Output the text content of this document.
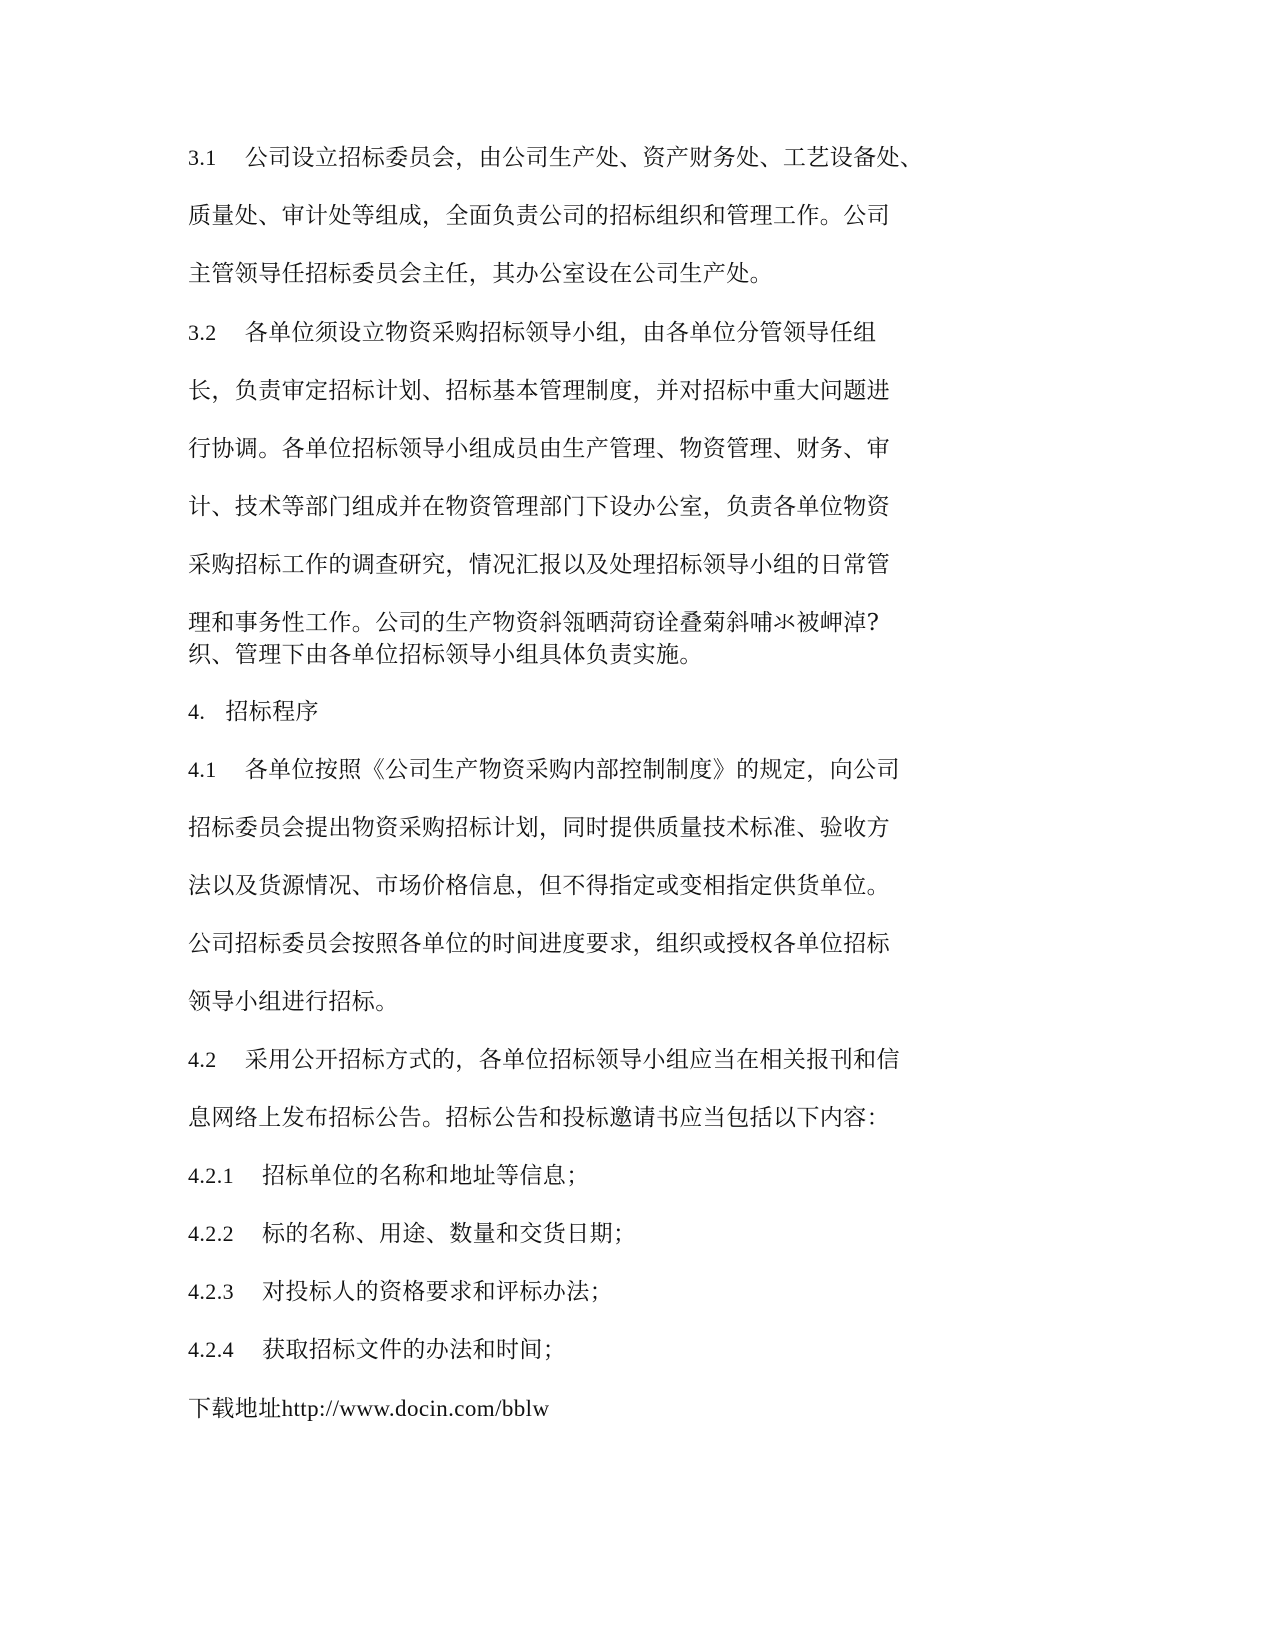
3.1 公司设立招标委员会，由公司生产处、资产财务处、工艺设备处、
质量处、审计处等组成，全面负责公司的招标组织和管理工作。公司
主管领导任招标委员会主任，其办公室设在公司生产处。
3.2 各单位须设立物资采购招标领导小组，由各单位分管领导任组
长，负责审定招标计划、招标基本管理制度，并对招标中重大问题进
行协调。各单位招标领导小组成员由生产管理、物资管理、财务、审
计、技术等部门组成并在物资管理部门下设办公室，负责各单位物资
采购招标工作的调查研究，情况汇报以及处理招标领导小组的日常管
理和事务性工作。公司的生产物资斜瓴晒菏窃诠叠菊斜哺氺被岬淖?
织、管理下由各单位招标领导小组具体负责实施。
4. 招标程序
4.1 各单位按照《公司生产物资采购内部控制制度》的规定，向公司
招标委员会提出物资采购招标计划，同时提供质量技术标准、验收方
法以及货源情况、市场价格信息，但不得指定或变相指定供货单位。
公司招标委员会按照各单位的时间进度要求，组织或授权各单位招标
领导小组进行招标。
4.2 采用公开招标方式的，各单位招标领导小组应当在相关报刊和信
息网络上发布招标公告。招标公告和投标邀请书应当包括以下内容：
4.2.1 招标单位的名称和地址等信息；
4.2.2 标的名称、用途、数量和交货日期；
4.2.3 对投标人的资格要求和评标办法；
4.2.4 获取招标文件的办法和时间；
下载地址http://www.docin.com/bblw
